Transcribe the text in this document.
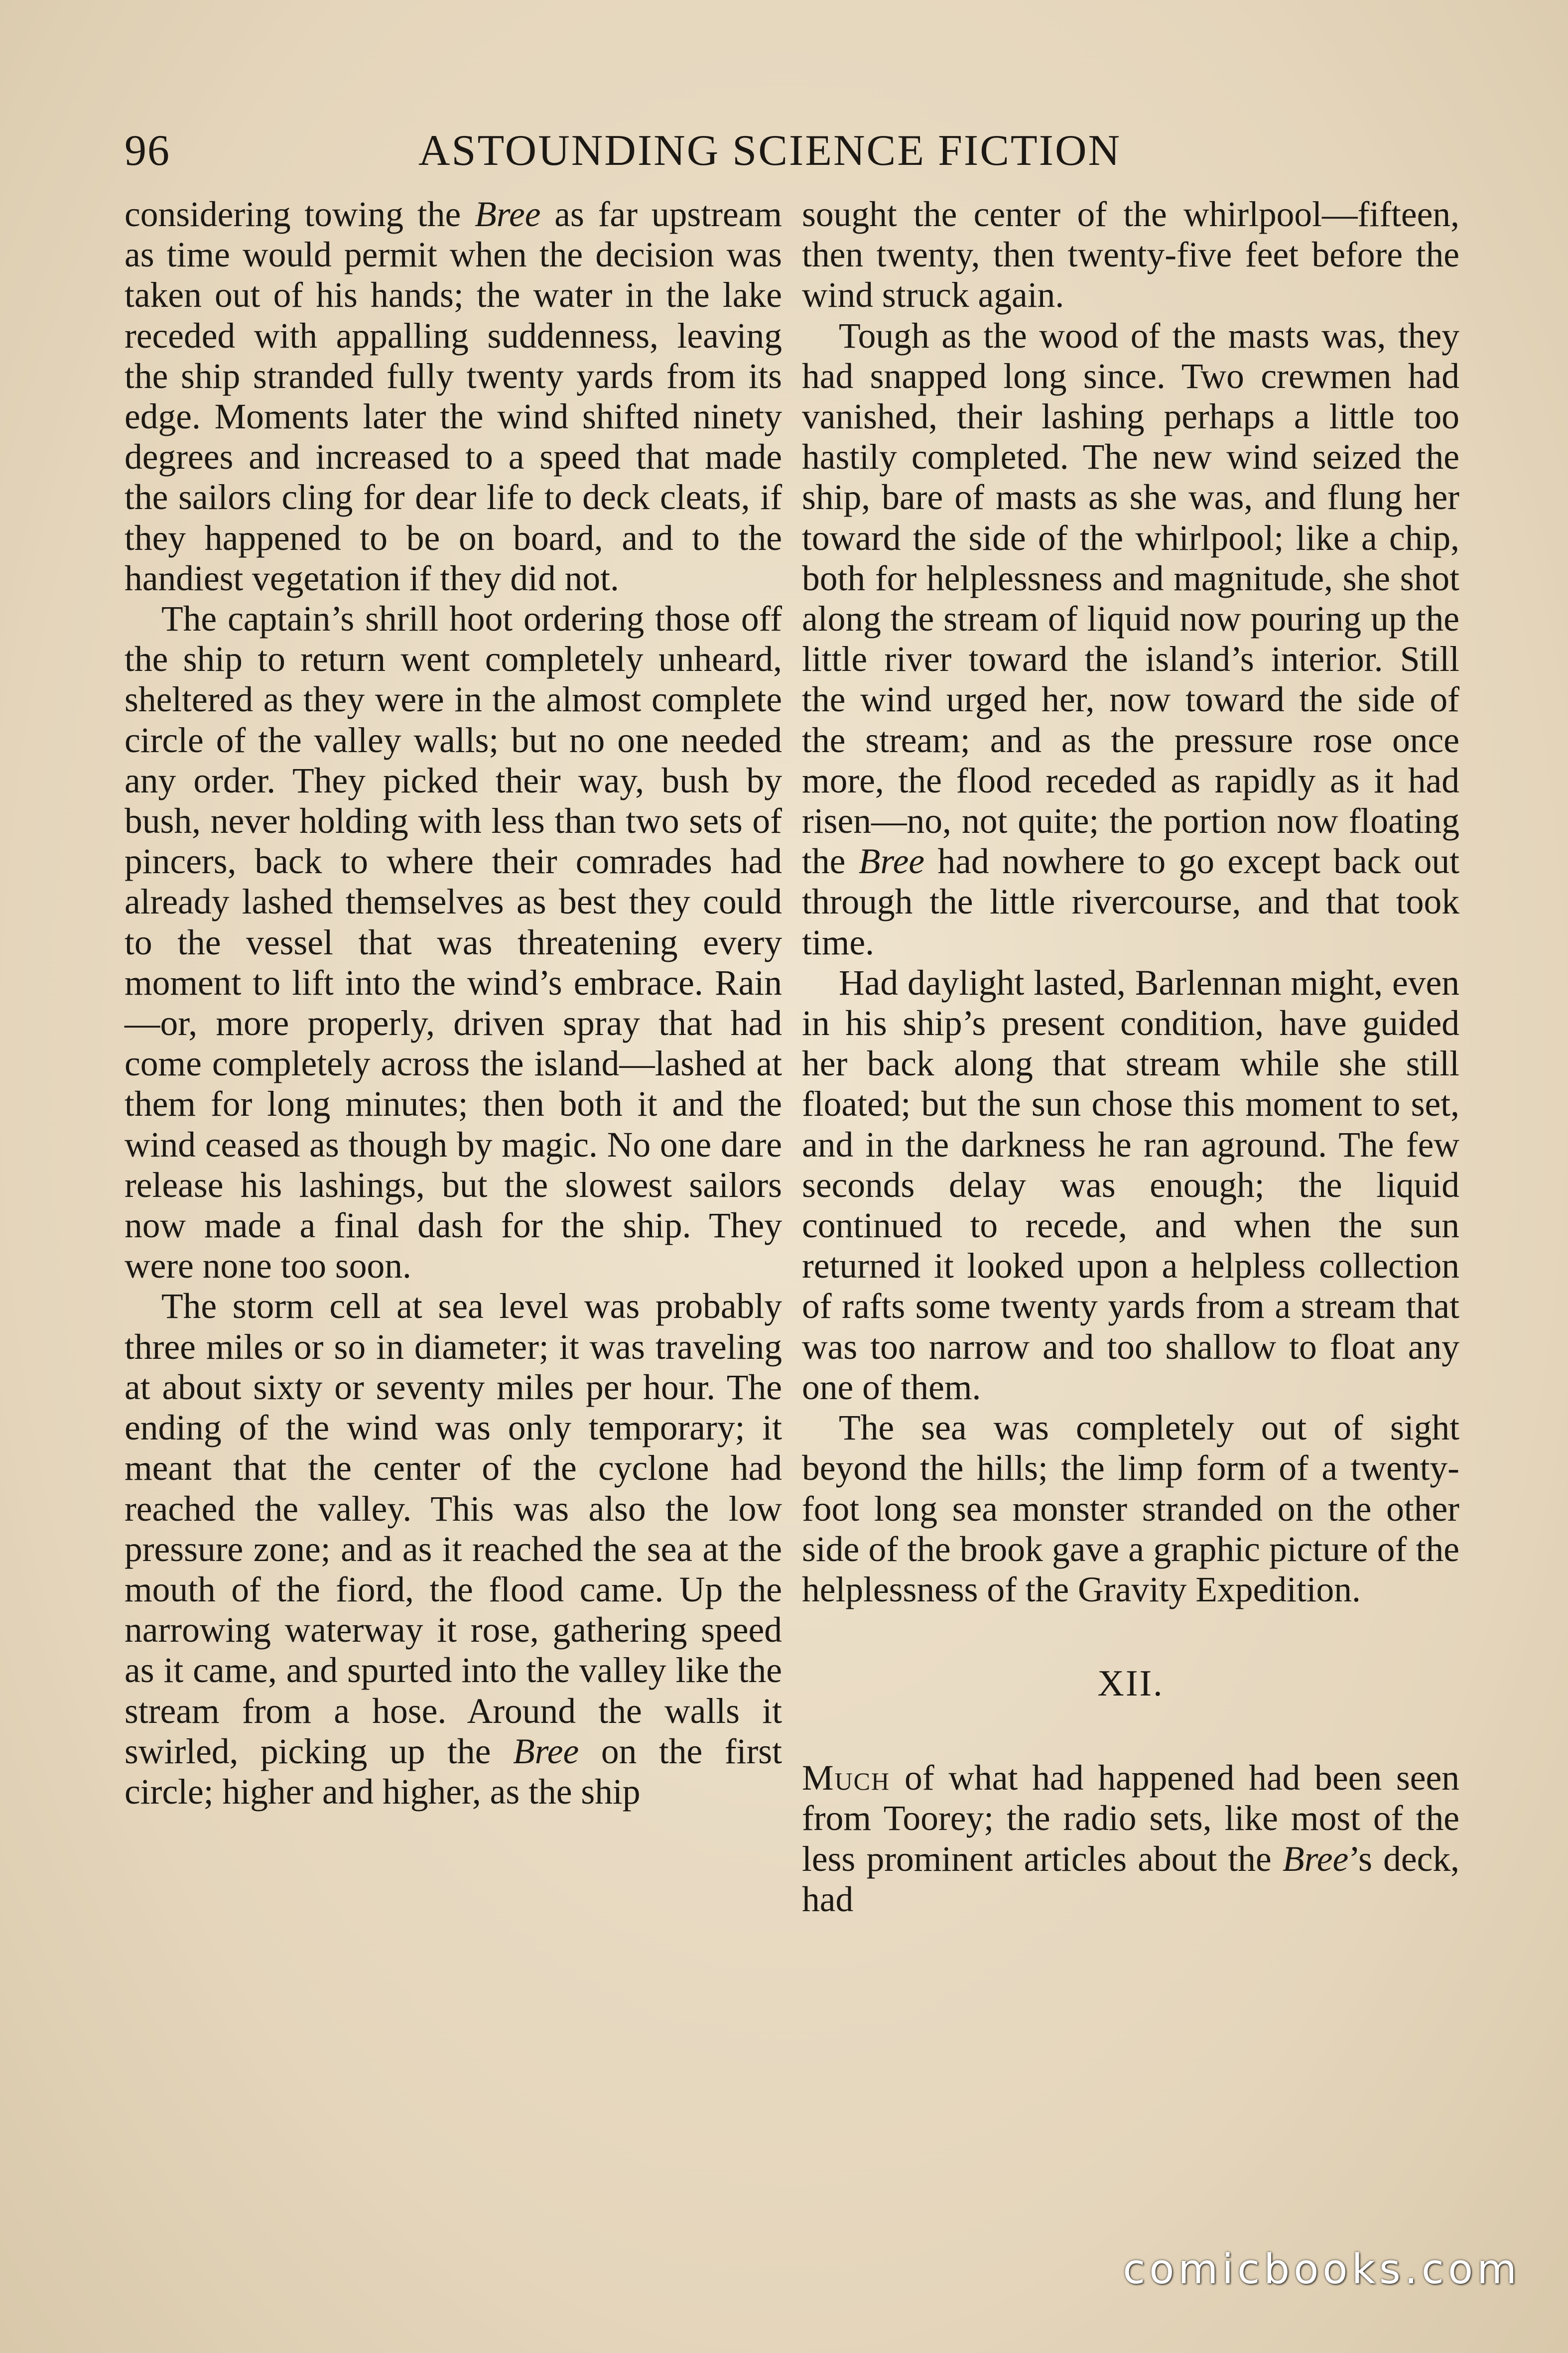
96	ASTOUNDING SCIENCE FICTION

considering towing the Bree as far upstream as time would permit when the decision was taken out of his hands; the water in the lake receded with appalling suddenness, leaving the ship stranded fully twenty yards from its edge. Moments later the wind shifted ninety degrees and increased to a speed that made the sailors cling for dear life to deck cleats, if they happened to be on board, and to the handiest vegetation if they did not.

The captain’s shrill hoot ordering those off the ship to return went completely unheard, sheltered as they were in the almost complete circle of the valley walls; but no one needed any order. They picked their way, bush by bush, never holding with less than two sets of pincers, back to where their comrades had already lashed themselves as best they could to the vessel that was threatening every moment to lift into the wind’s embrace. Rain—or, more properly, driven spray that had come completely across the island—lashed at them for long minutes; then both it and the wind ceased as though by magic. No one dare release his lashings, but the slowest sailors now made a final dash for the ship. They were none too soon.

The storm cell at sea level was probably three miles or so in diameter; it was traveling at about sixty or seventy miles per hour. The ending of the wind was only temporary; it meant that the center of the cyclone had reached the valley. This was also the low pressure zone; and as it reached the sea at the mouth of the fiord, the flood came. Up the narrowing waterway it rose, gathering speed as it came, and spurted into the valley like the stream from a hose. Around the walls it swirled, picking up the Bree on the first circle; higher and higher, as the ship

sought the center of the whirlpool—fifteen, then twenty, then twenty-five feet before the wind struck again.

Tough as the wood of the masts was, they had snapped long since. Two crewmen had vanished, their lashing perhaps a little too hastily completed. The new wind seized the ship, bare of masts as she was, and flung her toward the side of the whirlpool; like a chip, both for helplessness and magnitude, she shot along the stream of liquid now pouring up the little river toward the island’s interior. Still the wind urged her, now toward the side of the stream; and as the pressure rose once more, the flood receded as rapidly as it had risen—no, not quite; the portion now floating the Bree had nowhere to go except back out through the little rivercourse, and that took time.

Had daylight lasted, Barlennan might, even in his ship’s present condition, have guided her back along that stream while she still floated; but the sun chose this moment to set, and in the darkness he ran aground. The few seconds delay was enough; the liquid continued to recede, and when the sun returned it looked upon a helpless collection of rafts some twenty yards from a stream that was too narrow and too shallow to float any one of them.

The sea was completely out of sight beyond the hills; the limp form of a twenty-foot long sea monster stranded on the other side of the brook gave a graphic picture of the helplessness of the Gravity Expedition.

XII.

Much of what had happened had been seen from Toorey; the radio sets, like most of the less prominent articles about the Bree’s deck, had

comicbooks.com
